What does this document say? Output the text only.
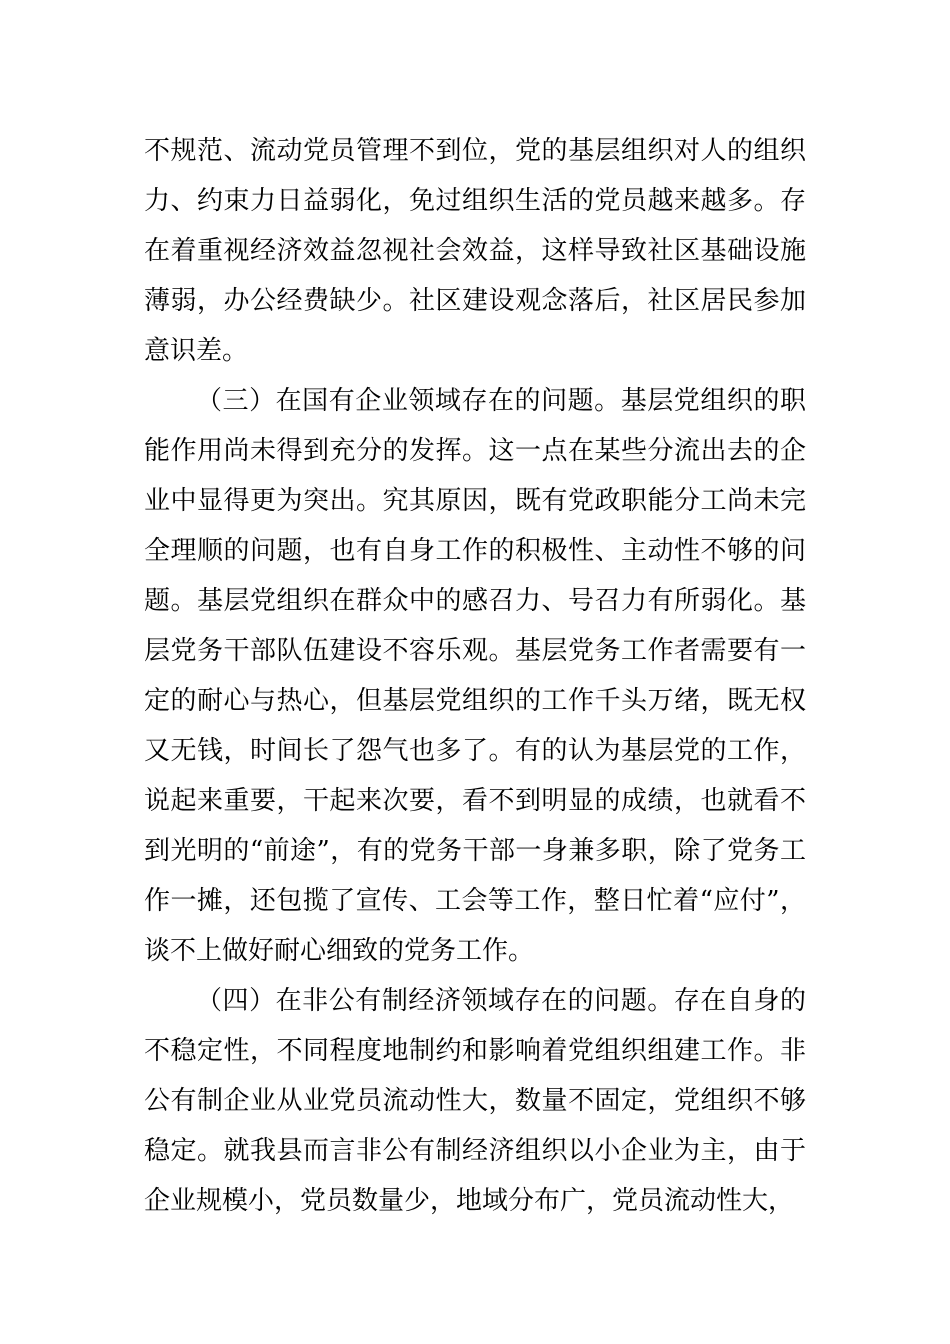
不规范、流动党员管理不到位，党的基层组织对人的组织力、约束力日益弱化，免过组织生活的党员越来越多。存在着重视经济效益忽视社会效益，这样导致社区基础设施薄弱，办公经费缺少。社区建设观念落后，社区居民参加意识差。

（三）在国有企业领域存在的问题。基层党组织的职能作用尚未得到充分的发挥。这一点在某些分流出去的企业中显得更为突出。究其原因，既有党政职能分工尚未完全理顺的问题，也有自身工作的积极性、主动性不够的问题。基层党组织在群众中的感召力、号召力有所弱化。基层党务干部队伍建设不容乐观。基层党务工作者需要有一定的耐心与热心，但基层党组织的工作千头万绪，既无权又无钱，时间长了怨气也多了。有的认为基层党的工作，说起来重要，干起来次要，看不到明显的成绩，也就看不到光明的“前途”，有的党务干部一身兼多职，除了党务工作一摊，还包揽了宣传、工会等工作，整日忙着“应付”，谈不上做好耐心细致的党务工作。

（四）在非公有制经济领域存在的问题。存在自身的不稳定性，不同程度地制约和影响着党组织组建工作。非公有制企业从业党员流动性大，数量不固定，党组织不够稳定。就我县而言非公有制经济组织以小企业为主，由于企业规模小，党员数量少，地域分布广，党员流动性大，
